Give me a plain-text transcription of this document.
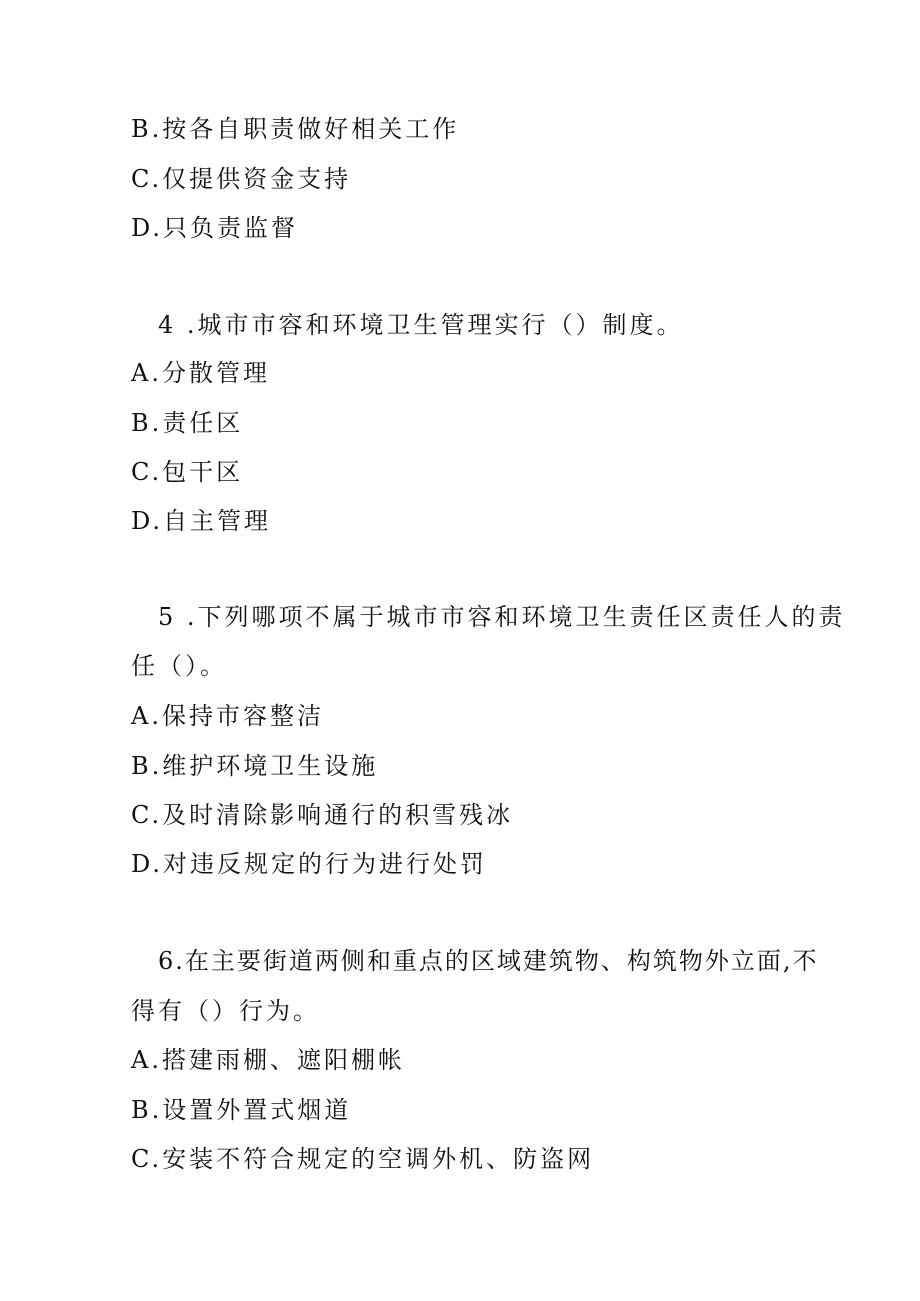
B.按各自职责做好相关工作
C.仅提供资金支持
D.只负责监督
4 .城市市容和环境卫生管理实行（）制度。
A.分散管理
B.责任区
C.包干区
D.自主管理
5 .下列哪项不属于城市市容和环境卫生责任区责任人的责
任（）。
A.保持市容整洁
B.维护环境卫生设施
C.及时清除影响通行的积雪残冰
D.对违反规定的行为进行处罚
6.在主要街道两侧和重点的区域建筑物、构筑物外立面,不
得有（）行为。
A.搭建雨棚、遮阳棚帐
B.设置外置式烟道
C.安装不符合规定的空调外机、防盗网
